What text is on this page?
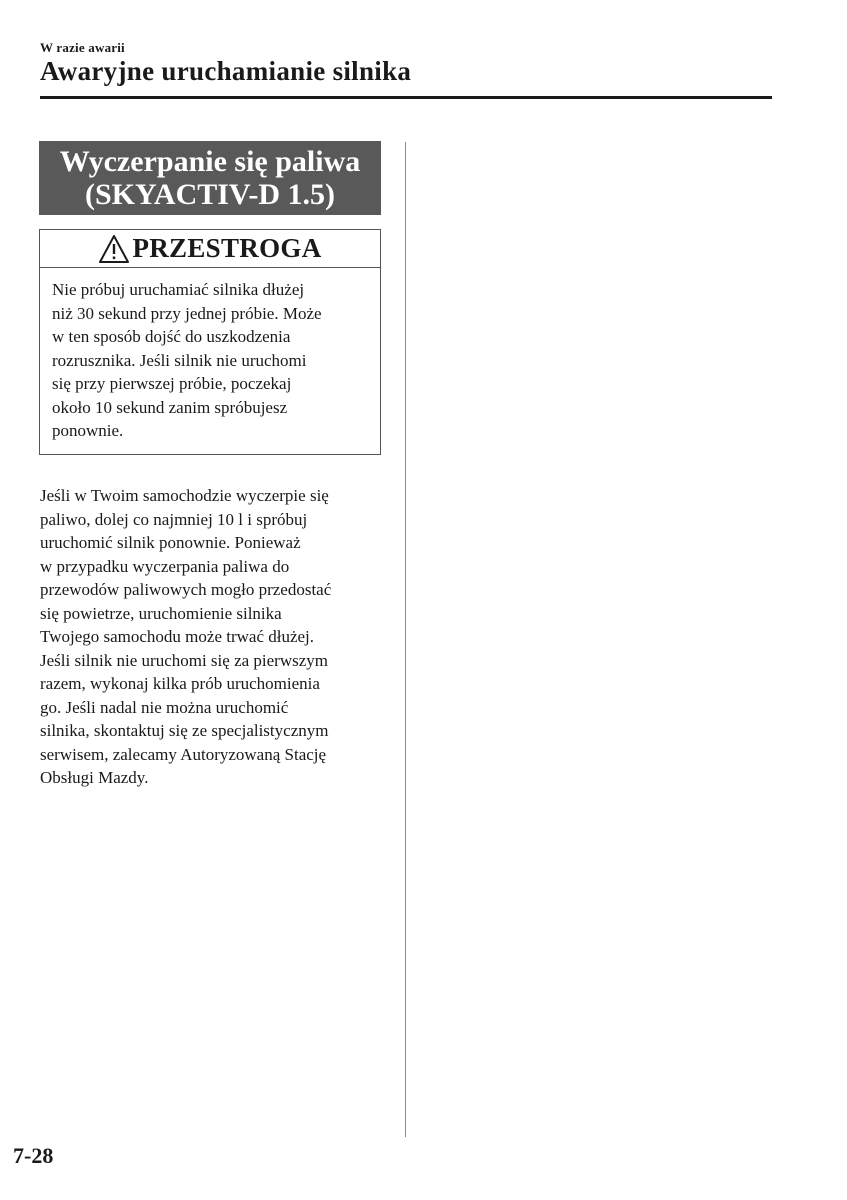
W razie awarii
Awaryjne uruchamianie silnika
Wyczerpanie się paliwa
(SKYACTIV-D 1.5)
PRZESTROGA
Nie próbuj uruchamiać silnika dłużej
niż 30 sekund przy jednej próbie. Może
w ten sposób dojść do uszkodzenia
rozrusznika. Jeśli silnik nie uruchomi
się przy pierwszej próbie, poczekaj
około 10 sekund zanim spróbujesz
ponownie.
Jeśli w Twoim samochodzie wyczerpie się
paliwo, dolej co najmniej 10 l i spróbuj
uruchomić silnik ponownie. Ponieważ
w przypadku wyczerpania paliwa do
przewodów paliwowych mogło przedostać
się powietrze, uruchomienie silnika
Twojego samochodu może trwać dłużej.
Jeśli silnik nie uruchomi się za pierwszym
razem, wykonaj kilka prób uruchomienia
go. Jeśli nadal nie można uruchomić
silnika, skontaktuj się ze specjalistycznym
serwisem, zalecamy Autoryzowaną Stację
Obsługi Mazdy.
7-28
